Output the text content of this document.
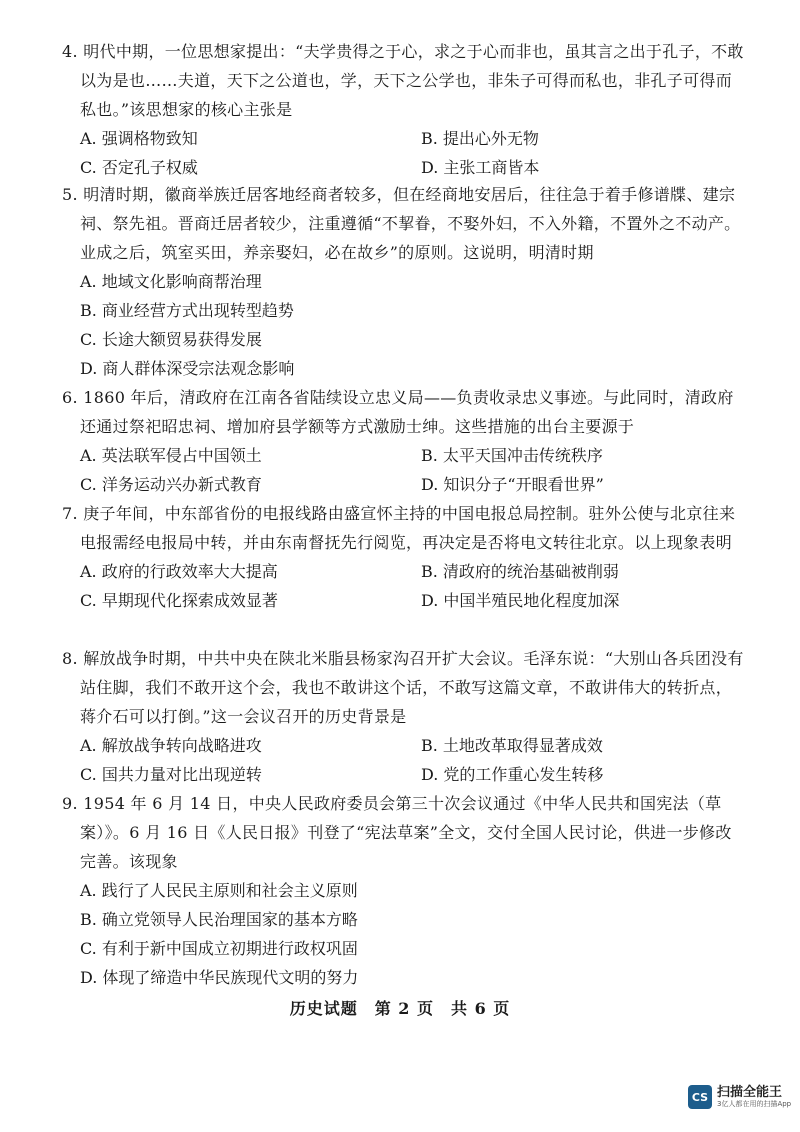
4. 明代中期，一位思想家提出：“夫学贵得之于心，求之于心而非也，虽其言之出于孔子，不敢以为是也……夫道，天下之公道也，学，天下之公学也，非朱子可得而私也，非孔子可得而私也。”该思想家的核心主张是

A. 强调格物致知	B. 提出心外无物
C. 否定孔子权威	D. 主张工商皆本

5. 明清时期，徽商举族迁居客地经商者较多，但在经商地安居后，往往急于着手修谱牒、建宗祠、祭先祖。晋商迁居者较少，注重遵循“不挈眷，不娶外妇，不入外籍，不置外之不动产。业成之后，筑室买田，养亲娶妇，必在故乡”的原则。这说明，明清时期

A. 地域文化影响商帮治理
B. 商业经营方式出现转型趋势
C. 长途大额贸易获得发展
D. 商人群体深受宗法观念影响

6. 1860 年后，清政府在江南各省陆续设立忠义局——负责收录忠义事迹。与此同时，清政府还通过祭祀昭忠祠、增加府县学额等方式激励士绅。这些措施的出台主要源于

A. 英法联军侵占中国领土	B. 太平天国冲击传统秩序
C. 洋务运动兴办新式教育	D. 知识分子“开眼看世界”

7. 庚子年间，中东部省份的电报线路由盛宣怀主持的中国电报总局控制。驻外公使与北京往来电报需经电报局中转，并由东南督抚先行阅览，再决定是否将电文转往北京。以上现象表明

A. 政府的行政效率大大提高	B. 清政府的统治基础被削弱
C. 早期现代化探索成效显著	D. 中国半殖民地化程度加深

8. 解放战争时期，中共中央在陕北米脂县杨家沟召开扩大会议。毛泽东说：“大别山各兵团没有站住脚，我们不敢开这个会，我也不敢讲这个话，不敢写这篇文章，不敢讲伟大的转折点，蒋介石可以打倒。”这一会议召开的历史背景是

A. 解放战争转向战略进攻	B. 土地改革取得显著成效
C. 国共力量对比出现逆转	D. 党的工作重心发生转移

9. 1954 年 6 月 14 日，中央人民政府委员会第三十次会议通过《中华人民共和国宪法（草案）》。6 月 16 日《人民日报》刊登了“宪法草案”全文，交付全国人民讨论，供进一步修改完善。该现象

A. 践行了人民民主原则和社会主义原则
B. 确立党领导人民治理国家的基本方略
C. 有利于新中国成立初期进行政权巩固
D. 体现了缔造中华民族现代文明的努力
历史试题　第 2 页　共 6 页
CS 扫描全能王
3亿人都在用的扫描App
